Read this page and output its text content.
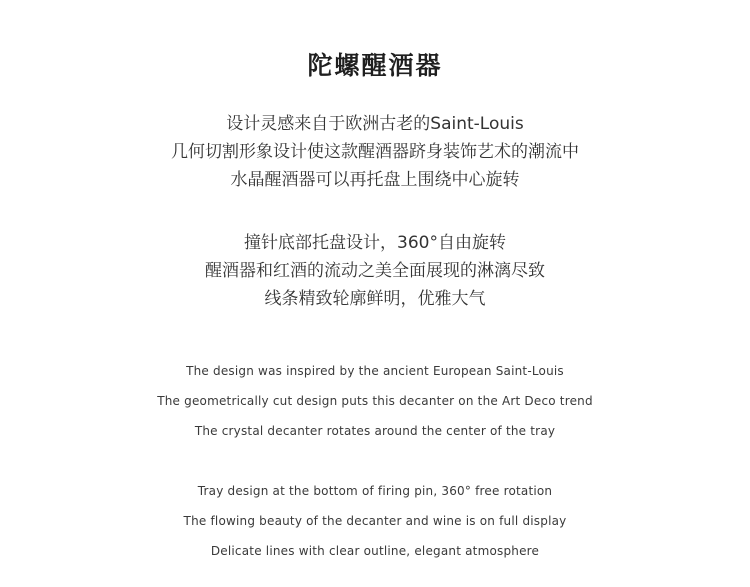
陀螺醒酒器
设计灵感来自于欧洲古老的Saint-Louis
几何切割形象设计使这款醒酒器跻身装饰艺术的潮流中
水晶醒酒器可以再托盘上围绕中心旋转
撞针底部托盘设计，360°自由旋转
醒酒器和红酒的流动之美全面展现的淋漓尽致
线条精致轮廓鲜明，优雅大气
The design was inspired by the ancient European Saint-Louis
The geometrically cut design puts this decanter on the Art Deco trend
The crystal decanter rotates around the center of the tray
Tray design at the bottom of firing pin, 360° free rotation
The flowing beauty of the decanter and wine is on full display
Delicate lines with clear outline, elegant atmosphere
